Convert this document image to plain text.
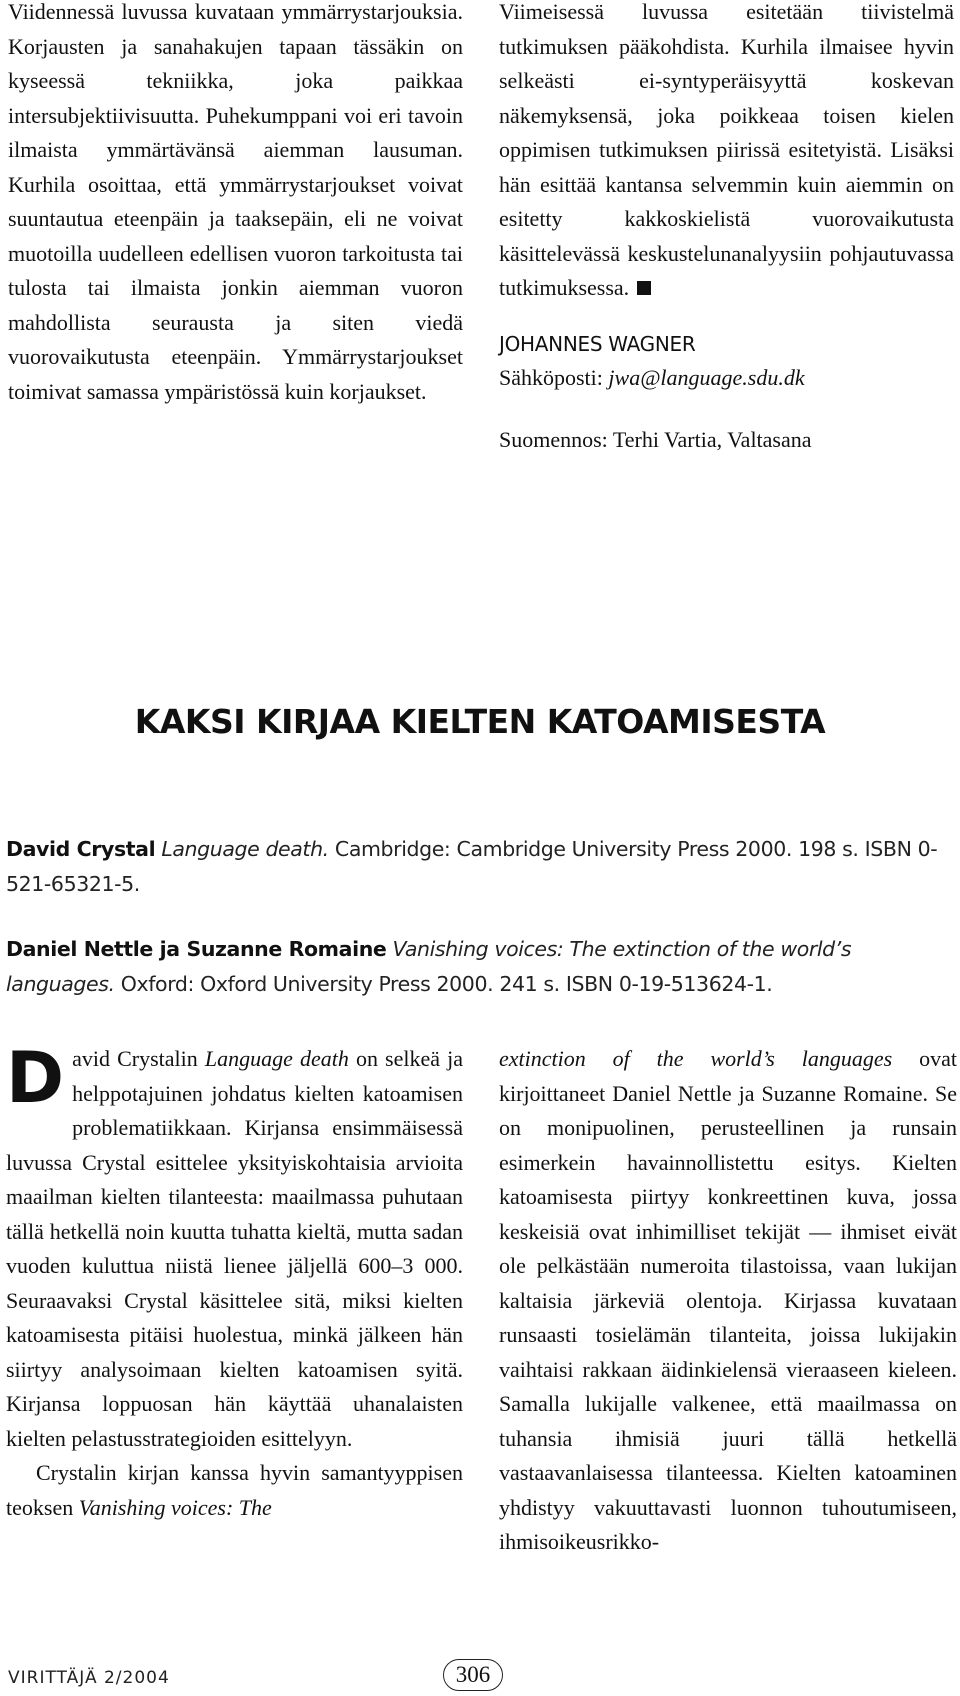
Viidennessä luvussa kuvataan ymmärrystarjouksia. Korjausten ja sanahakujen tapaan tässäkin on kyseessä tekniikka, joka paikkaa intersubjektiivisuutta. Puhekumppani voi eri tavoin ilmaista ymmärtävänsä aiemman lausuman. Kurhila osoittaa, että ymmärrystarjoukset voivat suuntautua eteenpäin ja taaksepäin, eli ne voivat muotoilla uudelleen edellisen vuoron tarkoitusta tai tulosta tai ilmaista jonkin aiemman vuoron mahdollista seurausta ja siten viedä vuorovaikutusta eteenpäin. Ymmärrystarjoukset toimivat samassa ympäristössä kuin korjaukset.

Viimeisessä luvussa esitetään tiivistelmä tutkimuksen pääkohdista. Kurhila ilmaisee hyvin selkeästi ei-syntyperäisyyttä koskevan näkemyksensä, joka poikkeaa toisen kielen oppimisen tutkimuksen piirissä esitetyistä. Lisäksi hän esittää kantansa selvemmin kuin aiemmin on esitetty kakkoskielistä vuorovaikutusta käsittelevässä keskustelunanalyysiin pohjautuvassa tutkimuksessa.

JOHANNES WAGNER

Sähköposti: jwa@language.sdu.dk

Suomennos: Terhi Vartia, Valtasana

KAKSI KIRJAA KIELTEN KATOAMISESTA

David Crystal Language death. Cambridge: Cambridge University Press 2000. 198 s. ISBN 0-521-65321-5.

Daniel Nettle ja Suzanne Romaine Vanishing voices: The extinction of the world’s languages. Oxford: Oxford University Press 2000. 241 s. ISBN 0-19-513624-1.

David Crystalin Language death on selkeä ja helppotajuinen johdatus kielten katoamisen problematiikkaan. Kirjansa ensimmäisessä luvussa Crystal esittelee yksityiskohtaisia arvioita maailman kielten tilanteesta: maailmassa puhutaan tällä hetkellä noin kuutta tuhatta kieltä, mutta sadan vuoden kuluttua niistä lienee jäljellä 600–3 000. Seuraavaksi Crystal käsittelee sitä, miksi kielten katoamisesta pitäisi huolestua, minkä jälkeen hän siirtyy analysoimaan kielten katoamisen syitä. Kirjansa loppuosan hän käyttää uhanalaisten kielten pelastusstrategioiden esittelyyn.

Crystalin kirjan kanssa hyvin samantyyppisen teoksen Vanishing voices: The

extinction of the world’s languages ovat kirjoittaneet Daniel Nettle ja Suzanne Romaine. Se on monipuolinen, perusteellinen ja runsain esimerkein havainnollistettu esitys. Kielten katoamisesta piirtyy konkreettinen kuva, jossa keskeisiä ovat inhimilliset tekijät — ihmiset eivät ole pelkästään numeroita tilastoissa, vaan lukijan kaltaisia järkeviä olentoja. Kirjassa kuvataan runsaasti tosielämän tilanteita, joissa lukijakin vaihtaisi rakkaan äidinkielensä vieraaseen kieleen. Samalla lukijalle valkenee, että maailmassa on tuhansia ihmisiä juuri tällä hetkellä vastaavanlaisessa tilanteessa. Kielten katoaminen yhdistyy vakuuttavasti luonnon tuhoutumiseen, ihmisoikeusrikko-

VIRITTÄJÄ 2/2004	306
